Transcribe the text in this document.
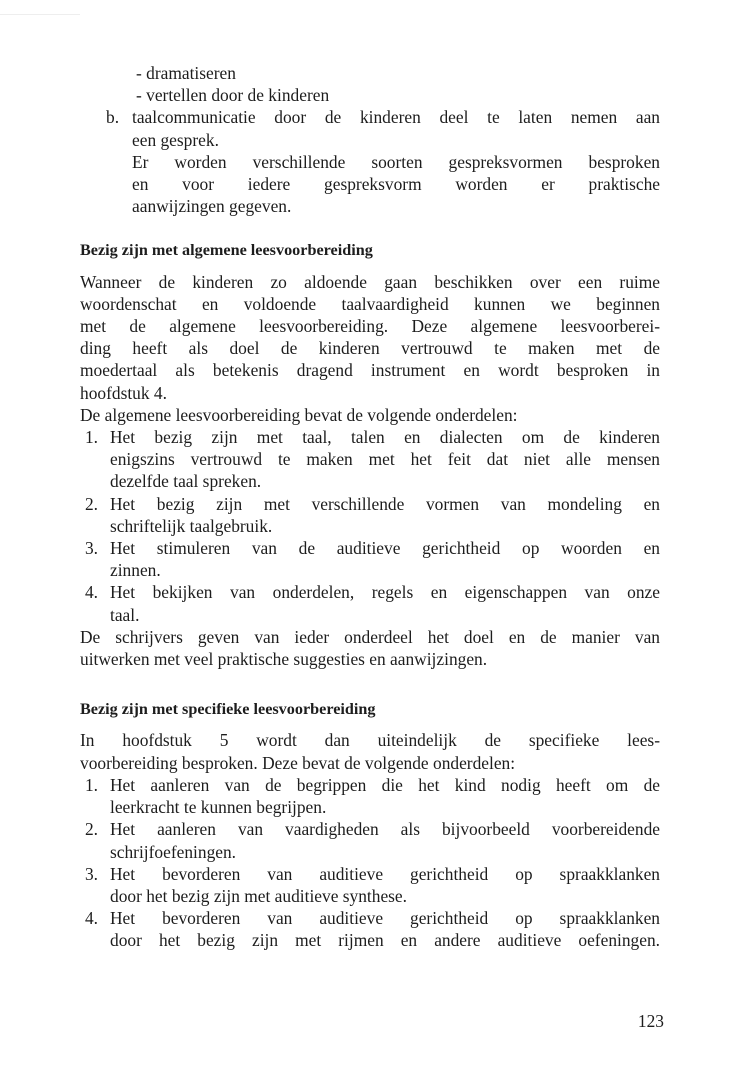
- dramatiseren
- vertellen door de kinderen
b. taalcommunicatie door de kinderen deel te laten nemen aan
een gesprek.
Er worden verschillende soorten gespreksvormen besproken
en voor iedere gespreksvorm worden er praktische
aanwijzingen gegeven.
Bezig zijn met algemene leesvoorbereiding
Wanneer de kinderen zo aldoende gaan beschikken over een ruime
woordenschat en voldoende taalvaardigheid kunnen we beginnen
met de algemene leesvoorbereiding. Deze algemene leesvoorberei-
ding heeft als doel de kinderen vertrouwd te maken met de
moedertaal als betekenis dragend instrument en wordt besproken in
hoofdstuk 4.
De algemene leesvoorbereiding bevat de volgende onderdelen:
1. Het bezig zijn met taal, talen en dialecten om de kinderen
enigszins vertrouwd te maken met het feit dat niet alle mensen
dezelfde taal spreken.
2. Het bezig zijn met verschillende vormen van mondeling en
schriftelijk taalgebruik.
3. Het stimuleren van de auditieve gerichtheid op woorden en
zinnen.
4. Het bekijken van onderdelen, regels en eigenschappen van onze
taal.
De schrijvers geven van ieder onderdeel het doel en de manier van
uitwerken met veel praktische suggesties en aanwijzingen.
Bezig zijn met specifieke leesvoorbereiding
In hoofdstuk 5 wordt dan uiteindelijk de specifieke lees-
voorbereiding besproken. Deze bevat de volgende onderdelen:
1. Het aanleren van de begrippen die het kind nodig heeft om de
leerkracht te kunnen begrijpen.
2. Het aanleren van vaardigheden als bijvoorbeeld voorbereidende
schrijfoefeningen.
3. Het bevorderen van auditieve gerichtheid op spraakklanken
door het bezig zijn met auditieve synthese.
4. Het bevorderen van auditieve gerichtheid op spraakklanken
door het bezig zijn met rijmen en andere auditieve oefeningen.
123
